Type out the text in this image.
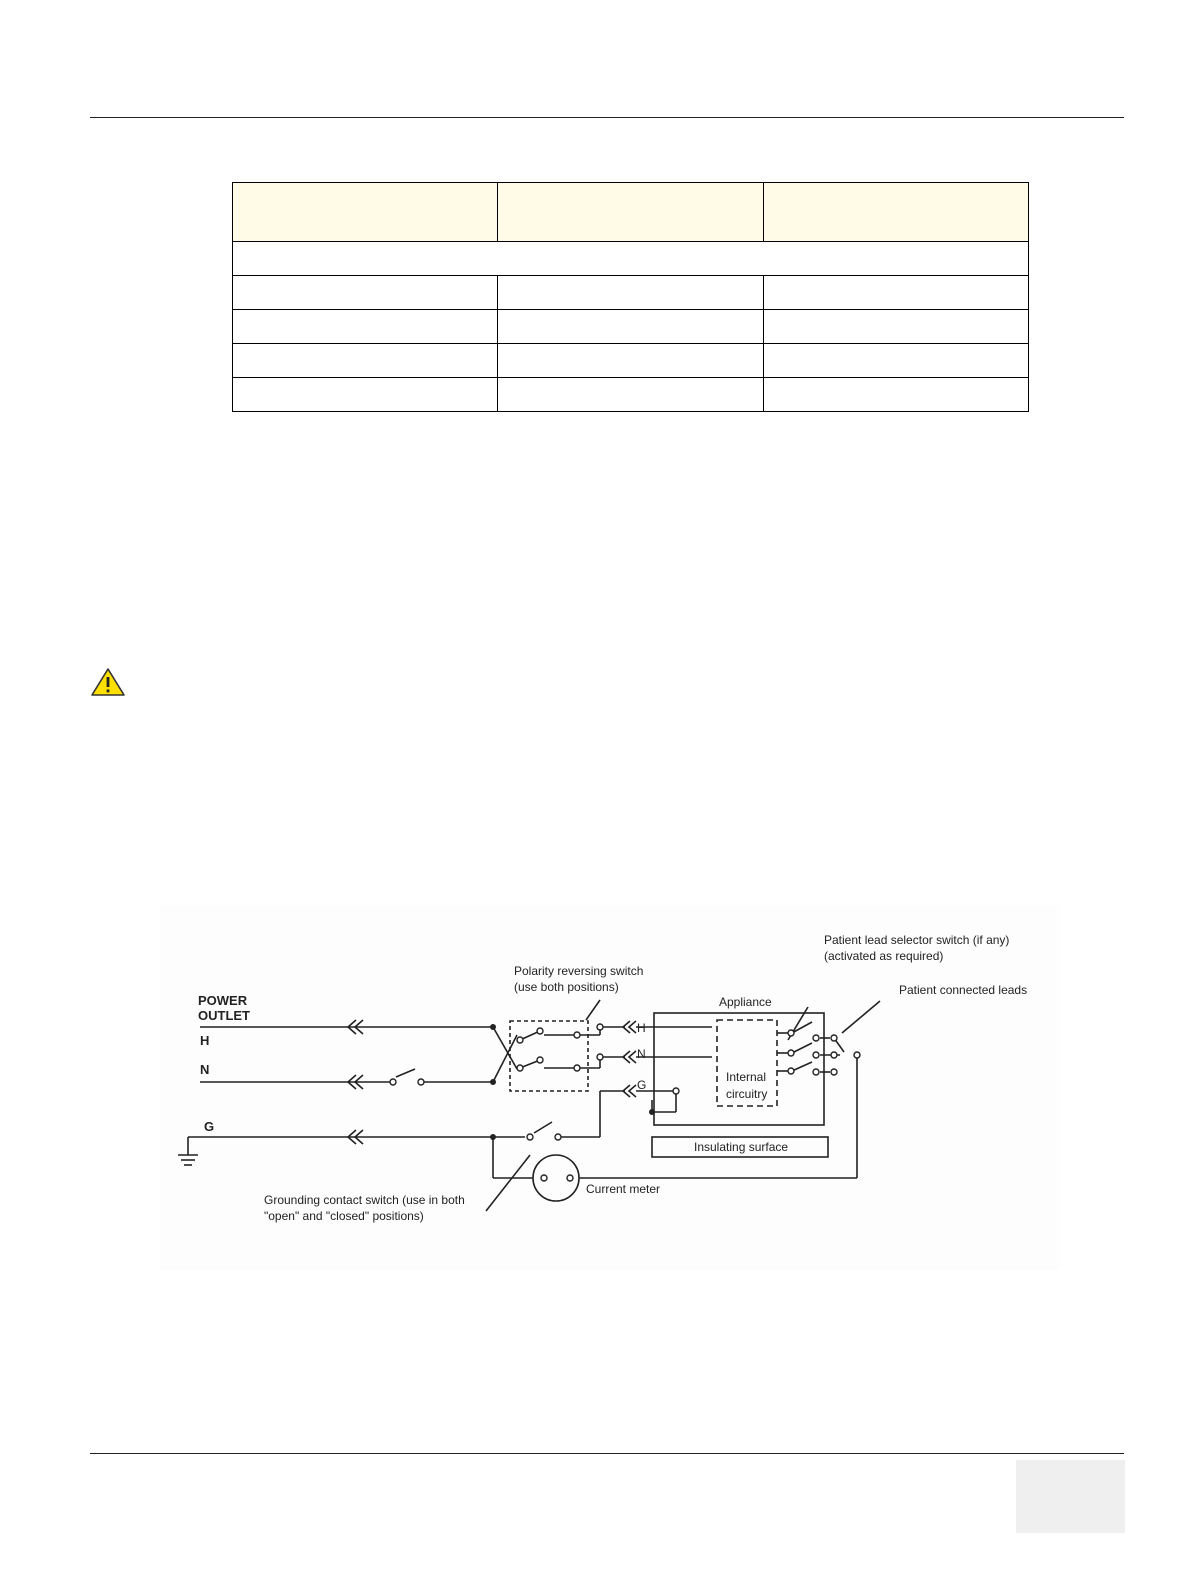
POWER
OUTLET
H
N
G
Polarity reversing switch
(use both positions)
Appliance
H
N
G
Internal
circuitry
Insulating surface
Patient lead selector switch (if any)
(activated as required)
Patient connected leads
Current meter
Grounding contact switch (use in both
"open" and "closed" positions)
